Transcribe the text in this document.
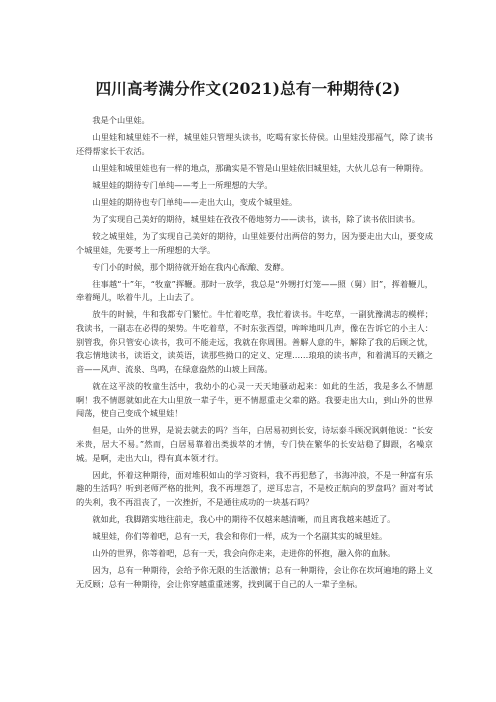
四川高考满分作文(2021)总有一种期待(2)

我是个山里娃。

山里娃和城里娃不一样，城里娃只管埋头读书，吃喝有家长侍侯。山里娃没那福气，除了读书还得帮家长干农活。

山里娃和城里娃也有一样的地点，那确实是不管是山里娃依旧城里娃，大伙儿总有一种期待。

城里娃的期待专门单纯——考上一所理想的大学。

山里娃的期待也专门单纯——走出大山，变成个城里娃。

为了实现自己美好的期待，城里娃在孜孜不倦地努力——读书，读书，除了读书依旧读书。

较之城里娃，为了实现自己美好的期待，山里娃要付出两倍的努力，因为要走出大山，要变成个城里娃，先要考上一所理想的大学。

专门小的时候，那个期待就开始在我内心酝酿、发酵。

往事越“十”年，“牧童”挥鞭。那时一放学，我总是“外甥打灯笼——照（舅）旧”，挥着鞭儿，牵着绳儿，吆着牛儿，上山去了。

放牛的时候，牛和我都专门繁忙。牛忙着吃草，我忙着读书。牛吃草，一副犹豫满志的模样；我读书，一副志在必得的架势。牛吃着草，不时东张西望，哞哞地叫几声，像在告诉它的小主人：别管我，你只管安心读书，我可不能走远，我就在你周围。善解人意的牛，解除了我的后顾之忧，我忘情地读书，读语文，读英语，读那些拗口的定义、定理……琅琅的读书声，和着满耳的天籁之音——风声、流泉、鸟鸣，在绿意盎然的山坡上回荡。

就在这平淡的牧童生活中，我幼小的心灵一天天地骚动起来：如此的生活，我是多么不情愿啊！我不情愿就如此在大山里放一辈子牛，更不情愿重走父辈的路。我要走出大山，到山外的世界闯荡，使自己变成个城里娃！

但是，山外的世界，是说去就去的吗？当年，白居易初到长安，诗坛泰斗顾况讽刺他说：“长安米贵，居大不易。”然而，白居易靠着出类拔萃的才情，专门快在繁华的长安站稳了脚跟，名噪京城。是啊，走出大山，得有真本领才行。

因此，怀着这种期待，面对堆积如山的学习资料，我不再犯愁了，书海冲浪，不是一种富有乐趣的生活吗？听到老师严格的批判，我不再埋怨了，逆耳忠言，不是校正航向的罗盘吗？面对考试的失利，我不再沮丧了，一次挫折，不是通往成功的一块基石吗？

就如此，我脚踏实地往前走，我心中的期待不仅越来越清晰，而且离我越来越近了。

城里娃，你们等着吧，总有一天，我会和你们一样，成为一个名副其实的城里娃。

山外的世界，你等着吧，总有一天，我会向你走来，走进你的怀抱，融入你的血脉。

因为，总有一种期待，会给予你无限的生活激情；总有一种期待，会让你在坎坷遍地的路上义无反顾；总有一种期待，会让你穿越重重迷雾，找到属于自己的人一辈子坐标。
